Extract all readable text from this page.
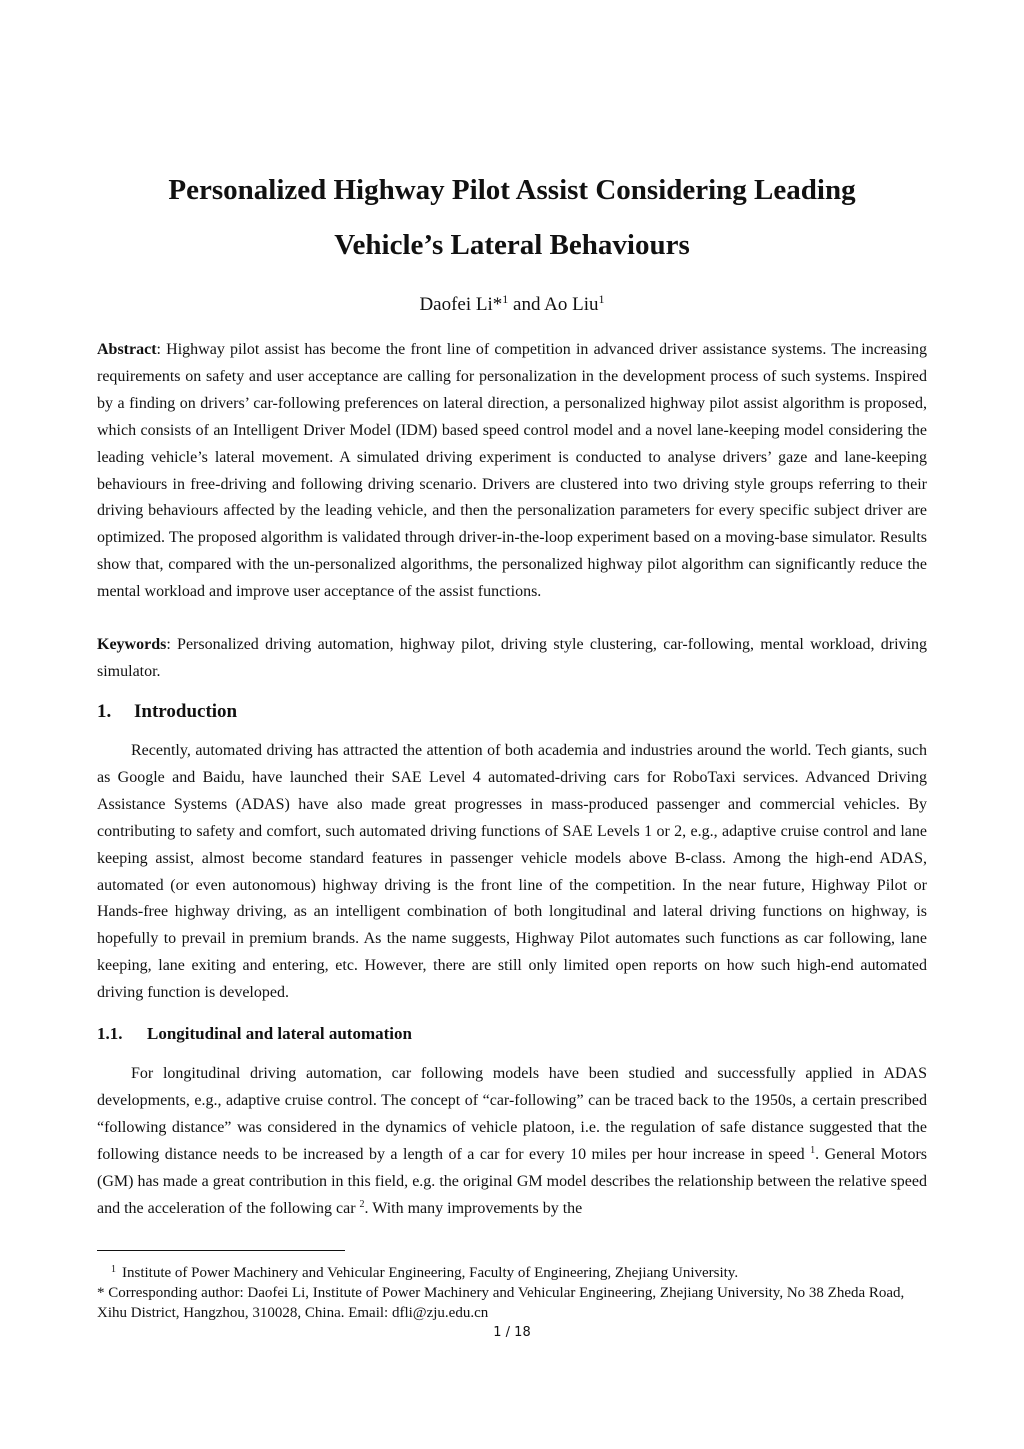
Personalized Highway Pilot Assist Considering Leading
Vehicle’s Lateral Behaviours
Daofei Li*$^1$ and Ao Liu$^1$

Abstract: Highway pilot assist has become the front line of competition in advanced driver assistance systems. The increasing requirements on safety and user acceptance are calling for personalization in the development process of such systems. Inspired by a finding on drivers’ car-following preferences on lateral direction, a personalized highway pilot assist algorithm is proposed, which consists of an Intelligent Driver Model (IDM) based speed control model and a novel lane-keeping model considering the leading vehicle’s lateral movement. A simulated driving experiment is conducted to analyse drivers’ gaze and lane-keeping behaviours in free-driving and following driving scenario. Drivers are clustered into two driving style groups referring to their driving behaviours affected by the leading vehicle, and then the personalization parameters for every specific subject driver are optimized. The proposed algorithm is validated through driver-in-the-loop experiment based on a moving-base simulator. Results show that, compared with the un-personalized algorithms, the personalized highway pilot algorithm can significantly reduce the mental workload and improve user acceptance of the assist functions.

Keywords: Personalized driving automation, highway pilot, driving style clustering, car-following, mental workload, driving simulator.

1. Introduction

Recently, automated driving has attracted the attention of both academia and industries around the world. Tech giants, such as Google and Baidu, have launched their SAE Level 4 automated-driving cars for RoboTaxi services. Advanced Driving Assistance Systems (ADAS) have also made great progresses in mass-produced passenger and commercial vehicles. By contributing to safety and comfort, such automated driving functions of SAE Levels 1 or 2, e.g., adaptive cruise control and lane keeping assist, almost become standard features in passenger vehicle models above B-class. Among the high-end ADAS, automated (or even autonomous) highway driving is the front line of the competition. In the near future, Highway Pilot or Hands-free highway driving, as an intelligent combination of both longitudinal and lateral driving functions on highway, is hopefully to prevail in premium brands. As the name suggests, Highway Pilot automates such functions as car following, lane keeping, lane exiting and entering, etc. However, there are still only limited open reports on how such high-end automated driving function is developed.

1.1. Longitudinal and lateral automation

For longitudinal driving automation, car following models have been studied and successfully applied in ADAS developments, e.g., adaptive cruise control. The concept of “car-following” can be traced back to the 1950s, a certain prescribed “following distance” was considered in the dynamics of vehicle platoon, i.e. the regulation of safe distance suggested that the following distance needs to be increased by a length of a car for every 10 miles per hour increase in speed $^1$. General Motors (GM) has made a great contribution in this field, e.g. the original GM model describes the relationship between the relative speed and the acceleration of the following car $^2$. With many improvements by the

$^1$ Institute of Power Machinery and Vehicular Engineering, Faculty of Engineering, Zhejiang University.

* Corresponding author: Daofei Li, Institute of Power Machinery and Vehicular Engineering, Zhejiang University, No 38 Zheda Road, Xihu District, Hangzhou, 310028, China. Email: dfli@zju.edu.cn

1 / 18
